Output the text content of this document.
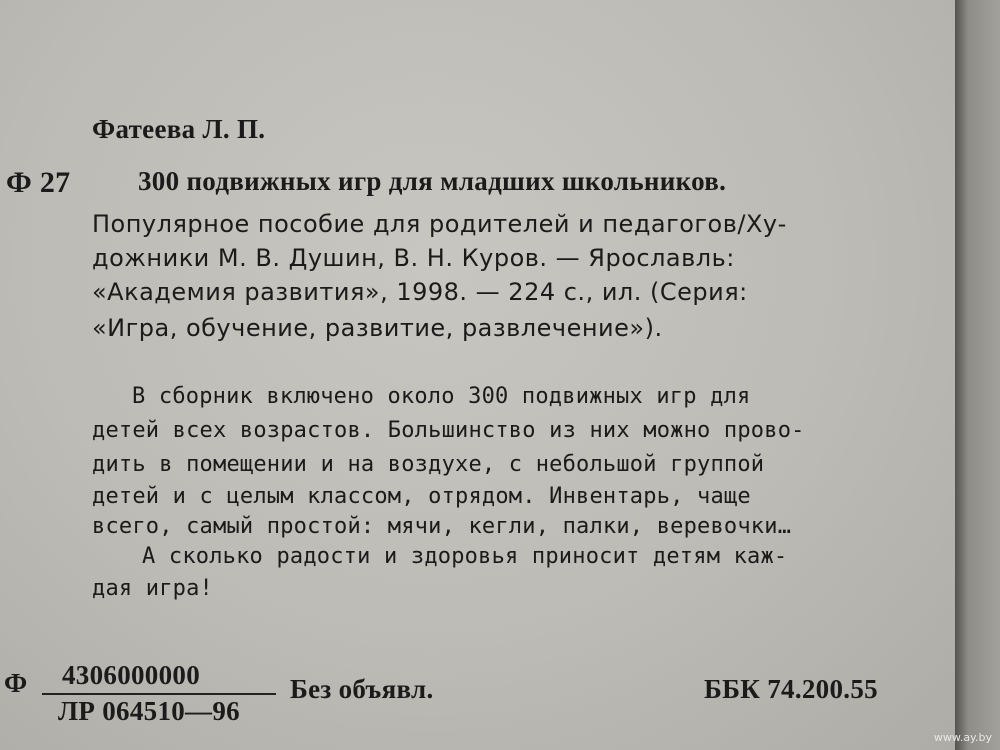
Фатеева Л. П.
Ф 27	300 подвижных игр для младших школьников.
Популярное пособие для родителей и педагогов/Ху-
дожники М. В. Душин, В. Н. Куров. — Ярославль:
«Академия развития», 1998. — 224 с., ил. (Серия:
«Игра, обучение, развитие, развлечение»).
В сборник включено около 300 подвижных игр для
детей всех возрастов. Большинство из них можно прово-
дить в помещении и на воздухе, с небольшой группой
детей и с целым классом, отрядом. Инвентарь, чаще
всего, самый простой: мячи, кегли, палки, веревочки…
А сколько радости и здоровья приносит детям каж-
дая игра!
Ф 4306000000
ЛР 064510—96
Без объявл.	ББК 74.200.55
www.ay.by
